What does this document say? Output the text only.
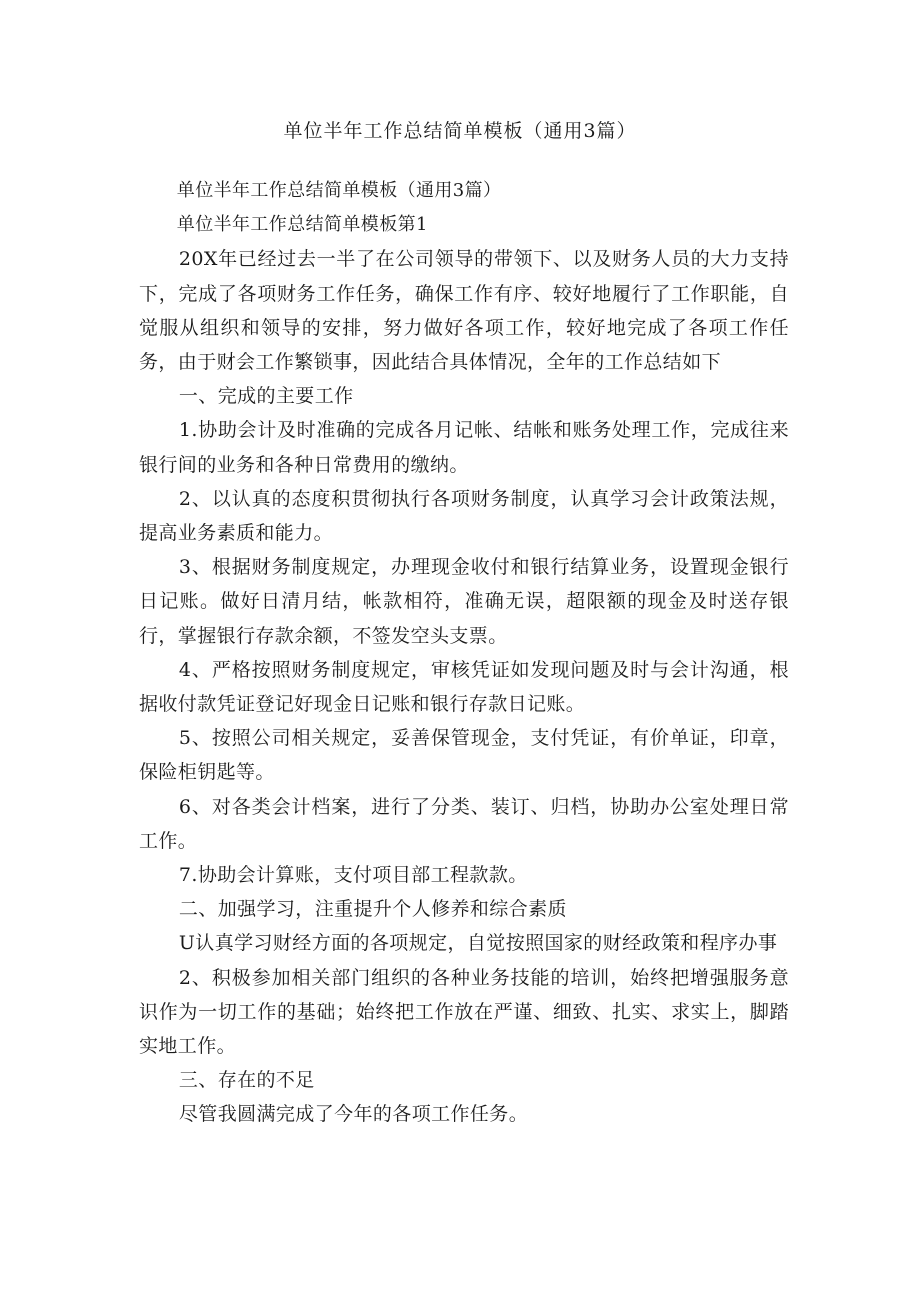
单位半年工作总结简单模板（通用3篇）

单位半年工作总结简单模板（通用3篇）

单位半年工作总结简单模板第1

20X年已经过去一半了在公司领导的带领下、以及财务人员的大力支持下，完成了各项财务工作任务，确保工作有序、较好地履行了工作职能，自觉服从组织和领导的安排，努力做好各项工作，较好地完成了各项工作任务，由于财会工作繁锁事，因此结合具体情况，全年的工作总结如下

一、完成的主要工作

1.协助会计及时准确的完成各月记帐、结帐和账务处理工作，完成往来银行间的业务和各种日常费用的缴纳。

2、以认真的态度积贯彻执行各项财务制度，认真学习会计政策法规，提高业务素质和能力。

3、根据财务制度规定，办理现金收付和银行结算业务，设置现金银行日记账。做好日清月结，帐款相符，准确无误，超限额的现金及时送存银行，掌握银行存款余额，不签发空头支票。

4、严格按照财务制度规定，审核凭证如发现问题及时与会计沟通，根据收付款凭证登记好现金日记账和银行存款日记账。

5、按照公司相关规定，妥善保管现金，支付凭证，有价单证，印章，保险柜钥匙等。

6、对各类会计档案，进行了分类、装订、归档，协助办公室处理日常工作。

7.协助会计算账，支付项目部工程款款。

二、加强学习，注重提升个人修养和综合素质

U认真学习财经方面的各项规定，自觉按照国家的财经政策和程序办事

2、积极参加相关部门组织的各种业务技能的培训，始终把增强服务意识作为一切工作的基础；始终把工作放在严谨、细致、扎实、求实上，脚踏实地工作。

三、存在的不足

尽管我圆满完成了今年的各项工作任务。
